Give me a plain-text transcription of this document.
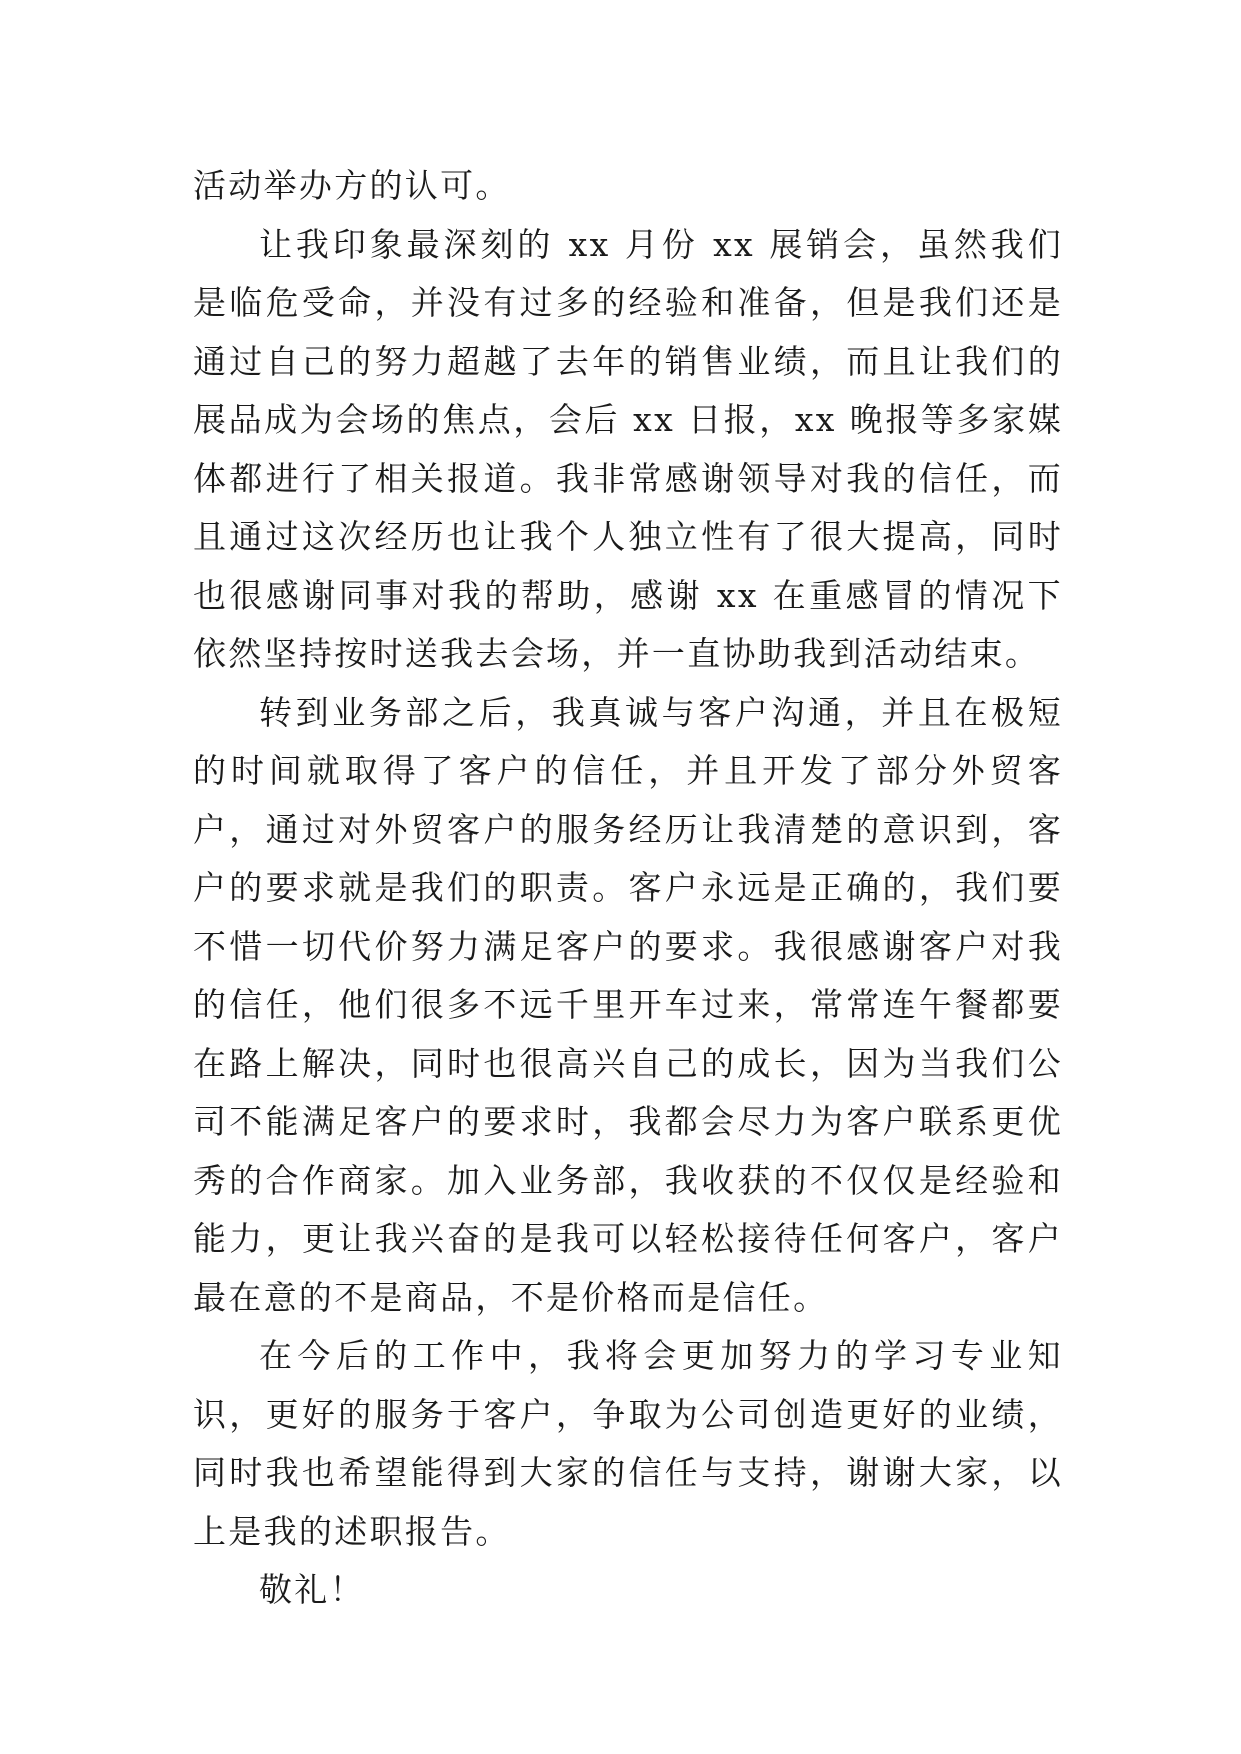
活动举办方的认可。

让我印象最深刻的 xx 月份 xx 展销会，虽然我们是临危受命，并没有过多的经验和准备，但是我们还是通过自己的努力超越了去年的销售业绩，而且让我们的展品成为会场的焦点，会后 xx 日报，xx 晚报等多家媒体都进行了相关报道。我非常感谢领导对我的信任，而且通过这次经历也让我个人独立性有了很大提高，同时也很感谢同事对我的帮助，感谢 xx 在重感冒的情况下依然坚持按时送我去会场，并一直协助我到活动结束。

转到业务部之后，我真诚与客户沟通，并且在极短的时间就取得了客户的信任，并且开发了部分外贸客户，通过对外贸客户的服务经历让我清楚的意识到，客户的要求就是我们的职责。客户永远是正确的，我们要不惜一切代价努力满足客户的要求。我很感谢客户对我的信任，他们很多不远千里开车过来，常常连午餐都要在路上解决，同时也很高兴自己的成长，因为当我们公司不能满足客户的要求时，我都会尽力为客户联系更优秀的合作商家。加入业务部，我收获的不仅仅是经验和能力，更让我兴奋的是我可以轻松接待任何客户，客户最在意的不是商品，不是价格而是信任。

在今后的工作中，我将会更加努力的学习专业知识，更好的服务于客户，争取为公司创造更好的业绩，同时我也希望能得到大家的信任与支持，谢谢大家，以上是我的述职报告。

敬礼！
